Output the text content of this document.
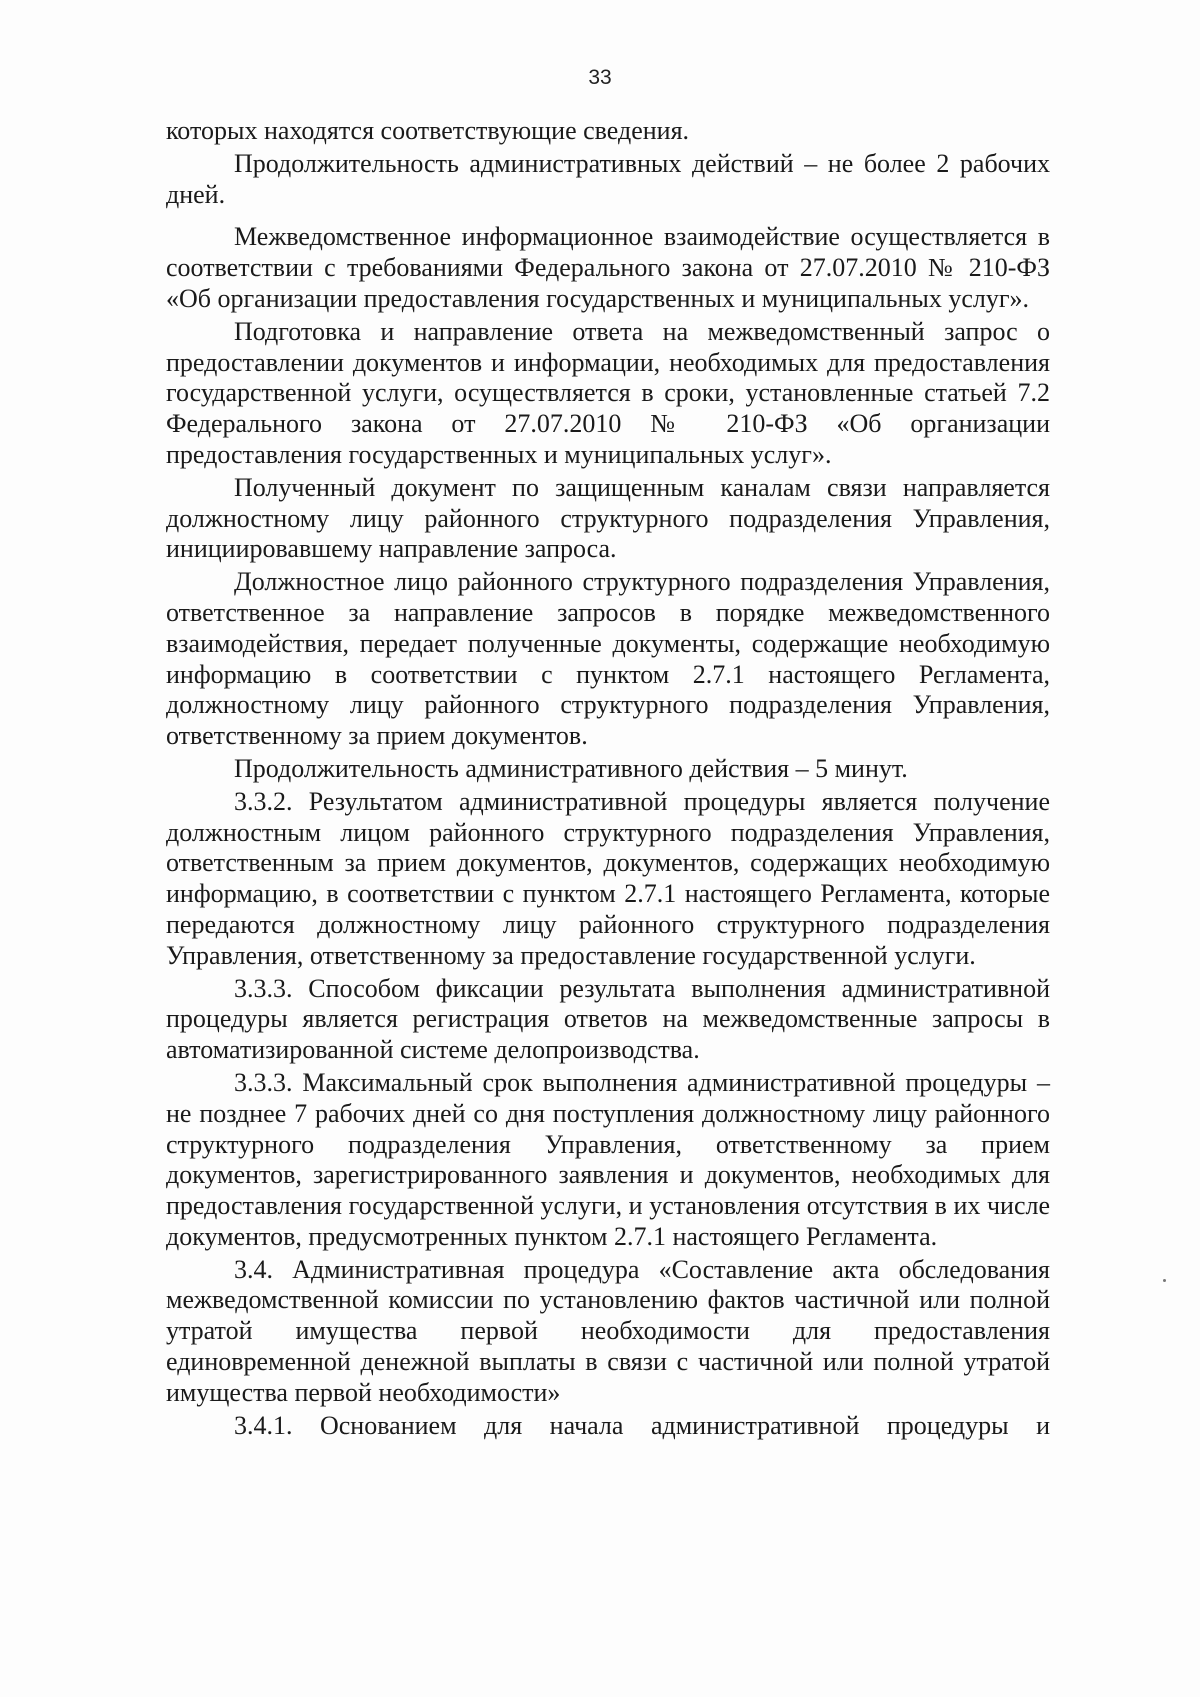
33

которых находятся соответствующие сведения.

Продолжительность административных действий – не более 2 рабочих дней.

Межведомственное информационное взаимодействие осуществляется в соответствии с требованиями Федерального закона от 27.07.2010 № 210-ФЗ «Об организации предоставления государственных и муниципальных услуг».

Подготовка и направление ответа на межведомственный запрос о предоставлении документов и информации, необходимых для предоставления государственной услуги, осуществляется в сроки, установленные статьей 7.2 Федерального закона от 27.07.2010 № 210-ФЗ «Об организации предоставления государственных и муниципальных услуг».

Полученный документ по защищенным каналам связи направляется должностному лицу районного структурного подразделения Управления, инициировавшему направление запроса.

Должностное лицо районного структурного подразделения Управления, ответственное за направление запросов в порядке межведомственного взаимодействия, передает полученные документы, содержащие необходимую информацию в соответствии с пунктом 2.7.1 настоящего Регламента, должностному лицу районного структурного подразделения Управления, ответственному за прием документов.

Продолжительность административного действия – 5 минут.

3.3.2. Результатом административной процедуры является получение должностным лицом районного структурного подразделения Управления, ответственным за прием документов, документов, содержащих необходимую информацию, в соответствии с пунктом 2.7.1 настоящего Регламента, которые передаются должностному лицу районного структурного подразделения Управления, ответственному за предоставление государственной услуги.

3.3.3. Способом фиксации результата выполнения административной процедуры является регистрация ответов на межведомственные запросы в автоматизированной системе делопроизводства.

3.3.3. Максимальный срок выполнения административной процедуры – не позднее 7 рабочих дней со дня поступления должностному лицу районного структурного подразделения Управления, ответственному за прием документов, зарегистрированного заявления и документов, необходимых для предоставления государственной услуги, и установления отсутствия в их числе документов, предусмотренных пунктом 2.7.1 настоящего Регламента.

3.4. Административная процедура «Составление акта обследования межведомственной комиссии по установлению фактов частичной или полной утратой имущества первой необходимости для предоставления единовременной денежной выплаты в связи с частичной или полной утратой имущества первой необходимости»

3.4.1. Основанием для начала административной процедуры и
